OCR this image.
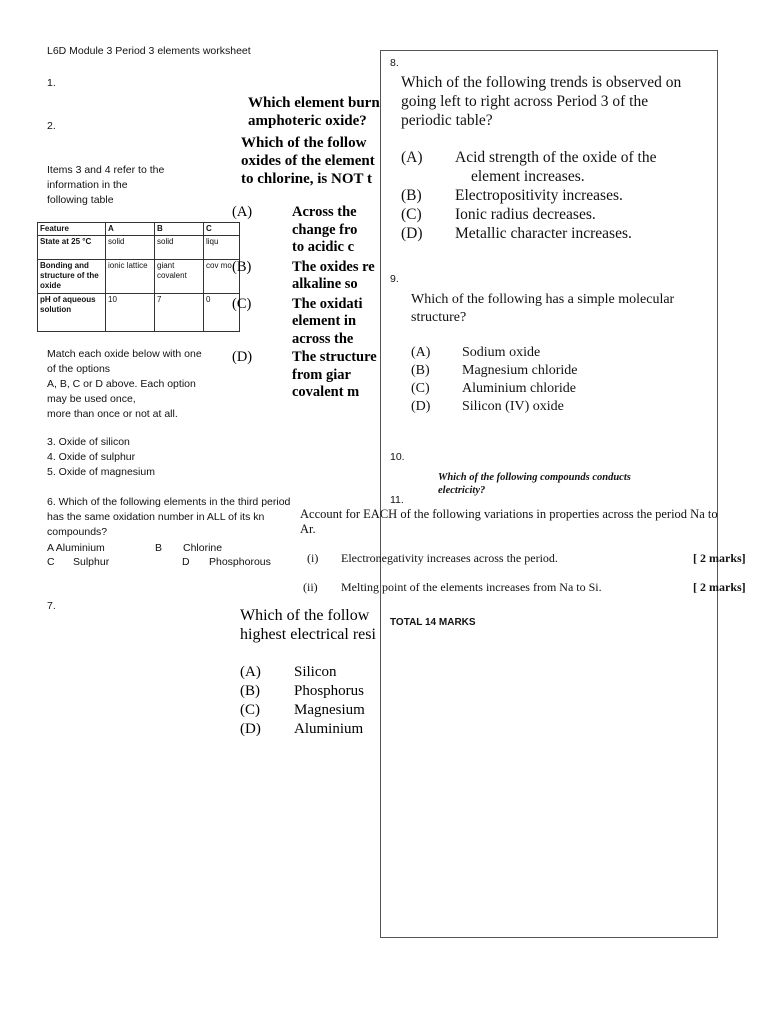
L6D Module 3 Period 3 elements worksheet
1.
2.
Items 3 and 4 refer to the
information in the
following table
Feature	A	B	C
State at 25 °C	solid	solid	liqu
Bonding and structure of the oxide	ionic lattice	giant covalent	cov mo
pH of aqueous solution	10	7	0
Match each oxide below with one
of the options
A, B, C or D above. Each option
may be used once,
more than once or not at all.
3. Oxide of silicon
4. Oxide of sulphur
5. Oxide of magnesium
6. Which of the following elements in the third period
has the same oxidation number in ALL of its kn
compounds?
A Aluminium	B Chlorine
C Sulphur	D Phosphorous
7.
Which element burn
amphoteric oxide?
Which of the follow
oxides of the element
to chlorine, is NOT t
(A)	Across the
change fro
to acidic c
(B)	The oxides re
alkaline so
(C)	The oxidati
element in
across the
(D)	The structure
from giar
covalent m
Which of the follow
highest electrical resi
(A) Silicon
(B) Phosphorus
(C) Magnesium
(D) Aluminium
8.
Which of the following trends is observed on
going left to right across Period 3 of the
periodic table?
(A)	Acid strength of the oxide of the
element increases.
(B)	Electropositivity increases.
(C)	Ionic radius decreases.
(D)	Metallic character increases.
9.
Which of the following has a simple molecular
structure?
(A) Sodium oxide
(B) Magnesium chloride
(C) Aluminium chloride
(D) Silicon (IV) oxide
10.
Which of the following compounds conducts
electricity?
11.
TOTAL 14 MARKS
Account for EACH of the following variations in properties across the period Na to
Ar.
(i) Electronegativity increases across the period.	[ 2 marks]
(ii) Melting point of the elements increases from Na to Si.	[ 2 marks]
